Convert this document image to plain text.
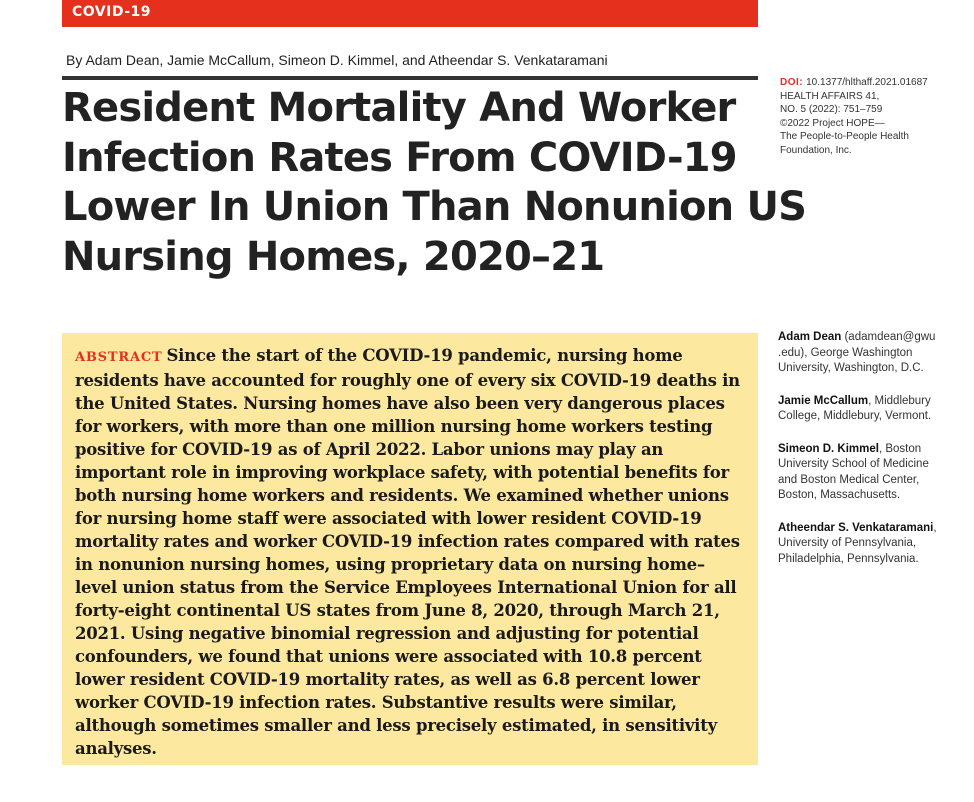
COVID-19
By Adam Dean, Jamie McCallum, Simeon D. Kimmel, and Atheendar S. Venkataramani
Resident Mortality And Worker
Infection Rates From COVID-19
Lower In Union Than Nonunion US
Nursing Homes, 2020–21
DOI: 10.1377/hlthaff.2021.01687
HEALTH AFFAIRS 41,
NO. 5 (2022): 751–759
©2022 Project HOPE—
The People-to-People Health
Foundation, Inc.

ABSTRACT Since the start of the COVID-19 pandemic, nursing home
residents have accounted for roughly one of every six COVID-19 deaths in
the United States. Nursing homes have also been very dangerous places
for workers, with more than one million nursing home workers testing
positive for COVID-19 as of April 2022. Labor unions may play an
important role in improving workplace safety, with potential benefits for
both nursing home workers and residents. We examined whether unions
for nursing home staff were associated with lower resident COVID-19
mortality rates and worker COVID-19 infection rates compared with rates
in nonunion nursing homes, using proprietary data on nursing home–
level union status from the Service Employees International Union for all
forty-eight continental US states from June 8, 2020, through March 21,
2021. Using negative binomial regression and adjusting for potential
confounders, we found that unions were associated with 10.8 percent
lower resident COVID-19 mortality rates, as well as 6.8 percent lower
worker COVID-19 infection rates. Substantive results were similar,
although sometimes smaller and less precisely estimated, in sensitivity
analyses.

Adam Dean (adamdean@gwu
.edu), George Washington
University, Washington, D.C.
Jamie McCallum, Middlebury
College, Middlebury, Vermont.
Simeon D. Kimmel, Boston
University School of Medicine
and Boston Medical Center,
Boston, Massachusetts.
Atheendar S. Venkataramani,
University of Pennsylvania,
Philadelphia, Pennsylvania.
